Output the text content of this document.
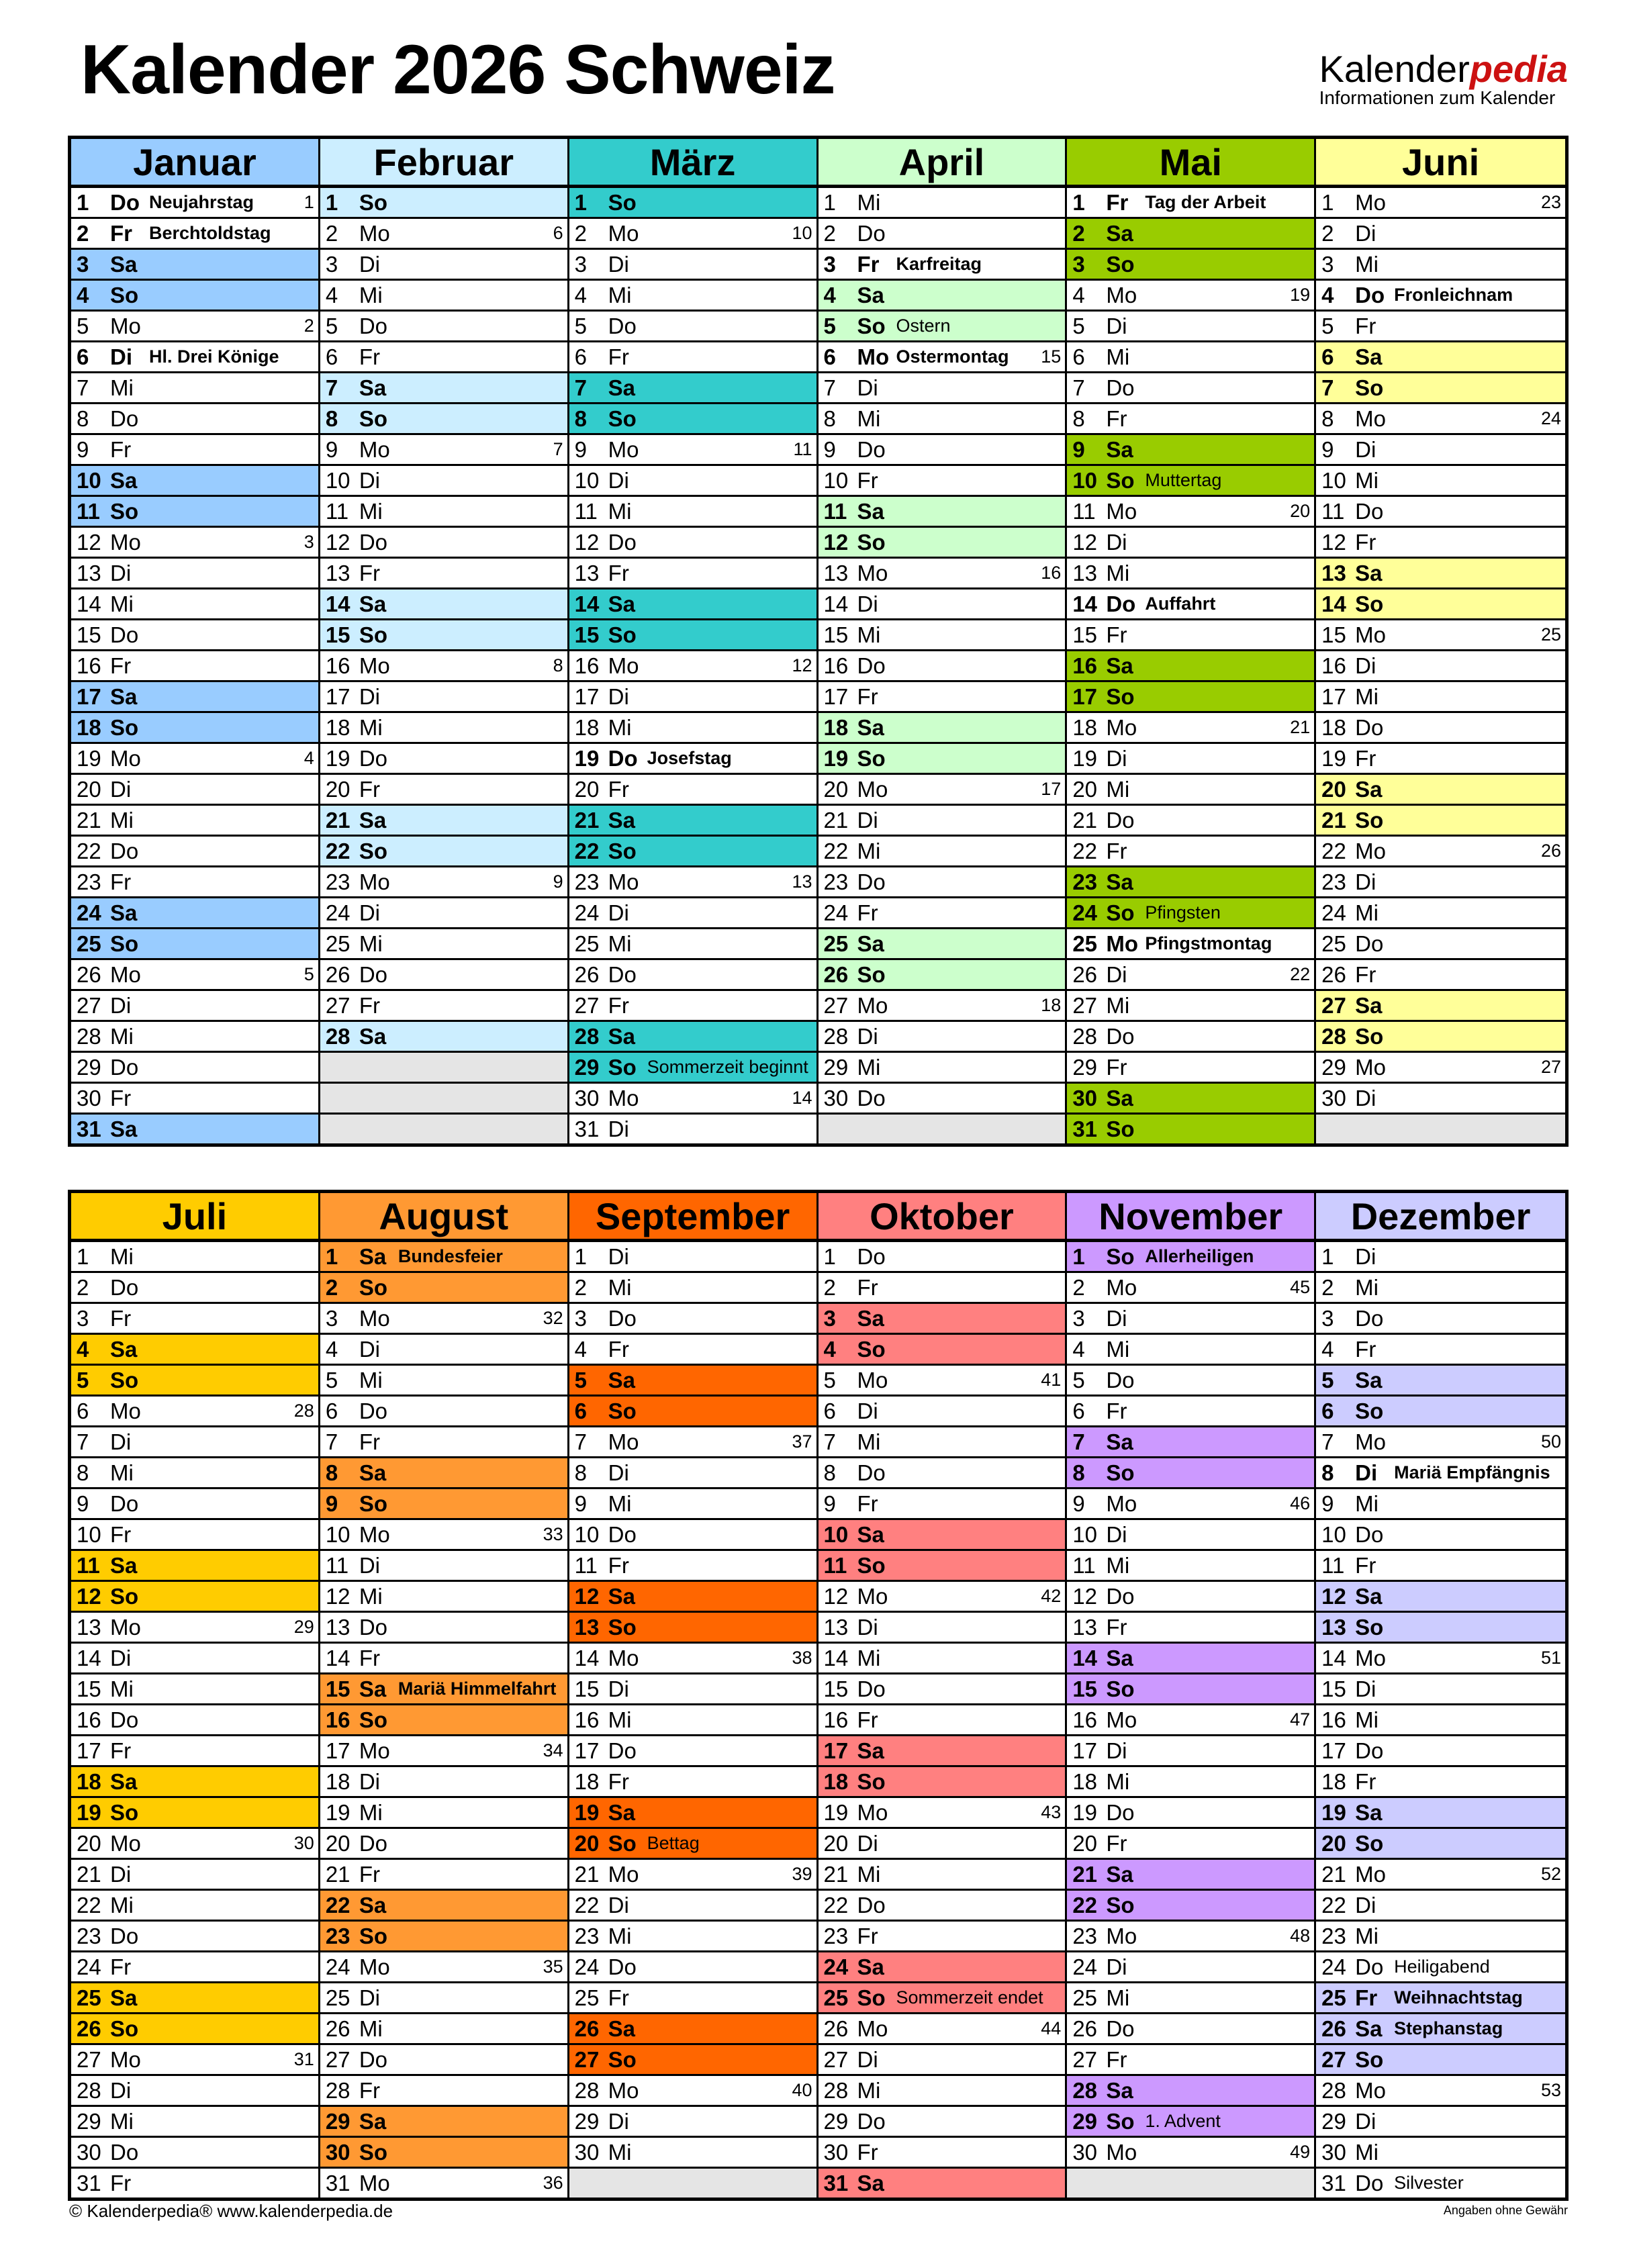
Kalender 2026 Schweiz	Kalenderpedia
Informationen zum Kalender
Januar
1 Do Neujahrstag	1
2 Fr Berchtoldstag
3 Sa
4 So
5 Mo	2
6 Di Hl. Drei Könige
7 Mi
8 Do
9 Fr
10 Sa
11 So
12 Mo	3
13 Di
14 Mi
15 Do
16 Fr
17 Sa
18 So
19 Mo	4
20 Di
21 Mi
22 Do
23 Fr
24 Sa
25 So
26 Mo	5
27 Di
28 Mi
29 Do
30 Fr
31 Sa
Februar
1 So
2 Mo	6
3 Di
4 Mi
5 Do
6 Fr
7 Sa
8 So
9 Mo	7
10 Di
11 Mi
12 Do
13 Fr
14 Sa
15 So
16 Mo	8
17 Di
18 Mi
19 Do
20 Fr
21 Sa
22 So
23 Mo	9
24 Di
25 Mi
26 Do
27 Fr
28 Sa
März
1 So
2 Mo	10
3 Di
4 Mi
5 Do
6 Fr
7 Sa
8 So
9 Mo	11
10 Di
11 Mi
12 Do
13 Fr
14 Sa
15 So
16 Mo	12
17 Di
18 Mi
19 Do Josefstag
20 Fr
21 Sa
22 So
23 Mo	13
24 Di
25 Mi
26 Do
27 Fr
28 Sa
29 So Sommerzeit beginnt
30 Mo	14
31 Di
April
1 Mi
2 Do
3 Fr Karfreitag
4 Sa
5 So Ostern
6 Mo Ostermontag 15
7 Di
8 Mi
9 Do
10 Fr
11 Sa
12 So
13 Mo	16
14 Di
15 Mi
16 Do
17 Fr
18 Sa
19 So
20 Mo	17
21 Di
22 Mi
23 Do
24 Fr
25 Sa
26 So
27 Mo	18
28 Di
29 Mi
30 Do
Mai
1 Fr Tag der Arbeit
2 Sa
3 So
4 Mo	19
5 Di
6 Mi
7 Do
8 Fr
9 Sa
10 So Muttertag
11 Mo	20
12 Di
13 Mi
14 Do Auffahrt
15 Fr
16 Sa
17 So
18 Mo	21
19 Di
20 Mi
21 Do
22 Fr
23 Sa
24 So Pfingsten
25 Mo Pfingstmontag
26 Di	22
27 Mi
28 Do
29 Fr
30 Sa
31 So
Juni
1 Mo	23
2 Di
3 Mi
4 Do Fronleichnam
5 Fr
6 Sa
7 So
8 Mo	24
9 Di
10 Mi
11 Do
12 Fr
13 Sa
14 So
15 Mo	25
16 Di
17 Mi
18 Do
19 Fr
20 Sa
21 So
22 Mo	26
23 Di
24 Mi
25 Do
26 Fr
27 Sa
28 So
29 Mo	27
30 Di
Juli
1 Mi
2 Do
3 Fr
4 Sa
5 So
6 Mo	28
7 Di
8 Mi
9 Do
10 Fr
11 Sa
12 So
13 Mo	29
14 Di
15 Mi
16 Do
17 Fr
18 Sa
19 So
20 Mo	30
21 Di
22 Mi
23 Do
24 Fr
25 Sa
26 So
27 Mo	31
28 Di
29 Mi
30 Do
31 Fr
August
1 Sa Bundesfeier
2 So
3 Mo	32
4 Di
5 Mi
6 Do
7 Fr
8 Sa
9 So
10 Mo	33
11 Di
12 Mi
13 Do
14 Fr
15 Sa Mariä Himmelfahrt
16 So
17 Mo	34
18 Di
19 Mi
20 Do
21 Fr
22 Sa
23 So
24 Mo	35
25 Di
26 Mi
27 Do
28 Fr
29 Sa
30 So
31 Mo	36
September
1 Di
2 Mi
3 Do
4 Fr
5 Sa
6 So
7 Mo	37
8 Di
9 Mi
10 Do
11 Fr
12 Sa
13 So
14 Mo	38
15 Di
16 Mi
17 Do
18 Fr
19 Sa
20 So Bettag
21 Mo	39
22 Di
23 Mi
24 Do
25 Fr
26 Sa
27 So
28 Mo	40
29 Di
30 Mi
Oktober
1 Do
2 Fr
3 Sa
4 So
5 Mo	41
6 Di
7 Mi
8 Do
9 Fr
10 Sa
11 So
12 Mo	42
13 Di
14 Mi
15 Do
16 Fr
17 Sa
18 So
19 Mo	43
20 Di
21 Mi
22 Do
23 Fr
24 Sa
25 So Sommerzeit endet
26 Mo	44
27 Di
28 Mi
29 Do
30 Fr
31 Sa
November
1 So Allerheiligen
2 Mo	45
3 Di
4 Mi
5 Do
6 Fr
7 Sa
8 So
9 Mo	46
10 Di
11 Mi
12 Do
13 Fr
14 Sa
15 So
16 Mo	47
17 Di
18 Mi
19 Do
20 Fr
21 Sa
22 So
23 Mo	48
24 Di
25 Mi
26 Do
27 Fr
28 Sa
29 So 1. Advent
30 Mo	49
Dezember
1 Di
2 Mi
3 Do
4 Fr
5 Sa
6 So
7 Mo	50
8 Di Mariä Empfängnis
9 Mi
10 Do
11 Fr
12 Sa
13 So
14 Mo	51
15 Di
16 Mi
17 Do
18 Fr
19 Sa
20 So
21 Mo	52
22 Di
23 Mi
24 Do Heiligabend
25 Fr Weihnachtstag
26 Sa Stephanstag
27 So
28 Mo	53
29 Di
30 Mi
31 Do Silvester
© Kalenderpedia® www.kalenderpedia.de	Angaben ohne Gewähr
